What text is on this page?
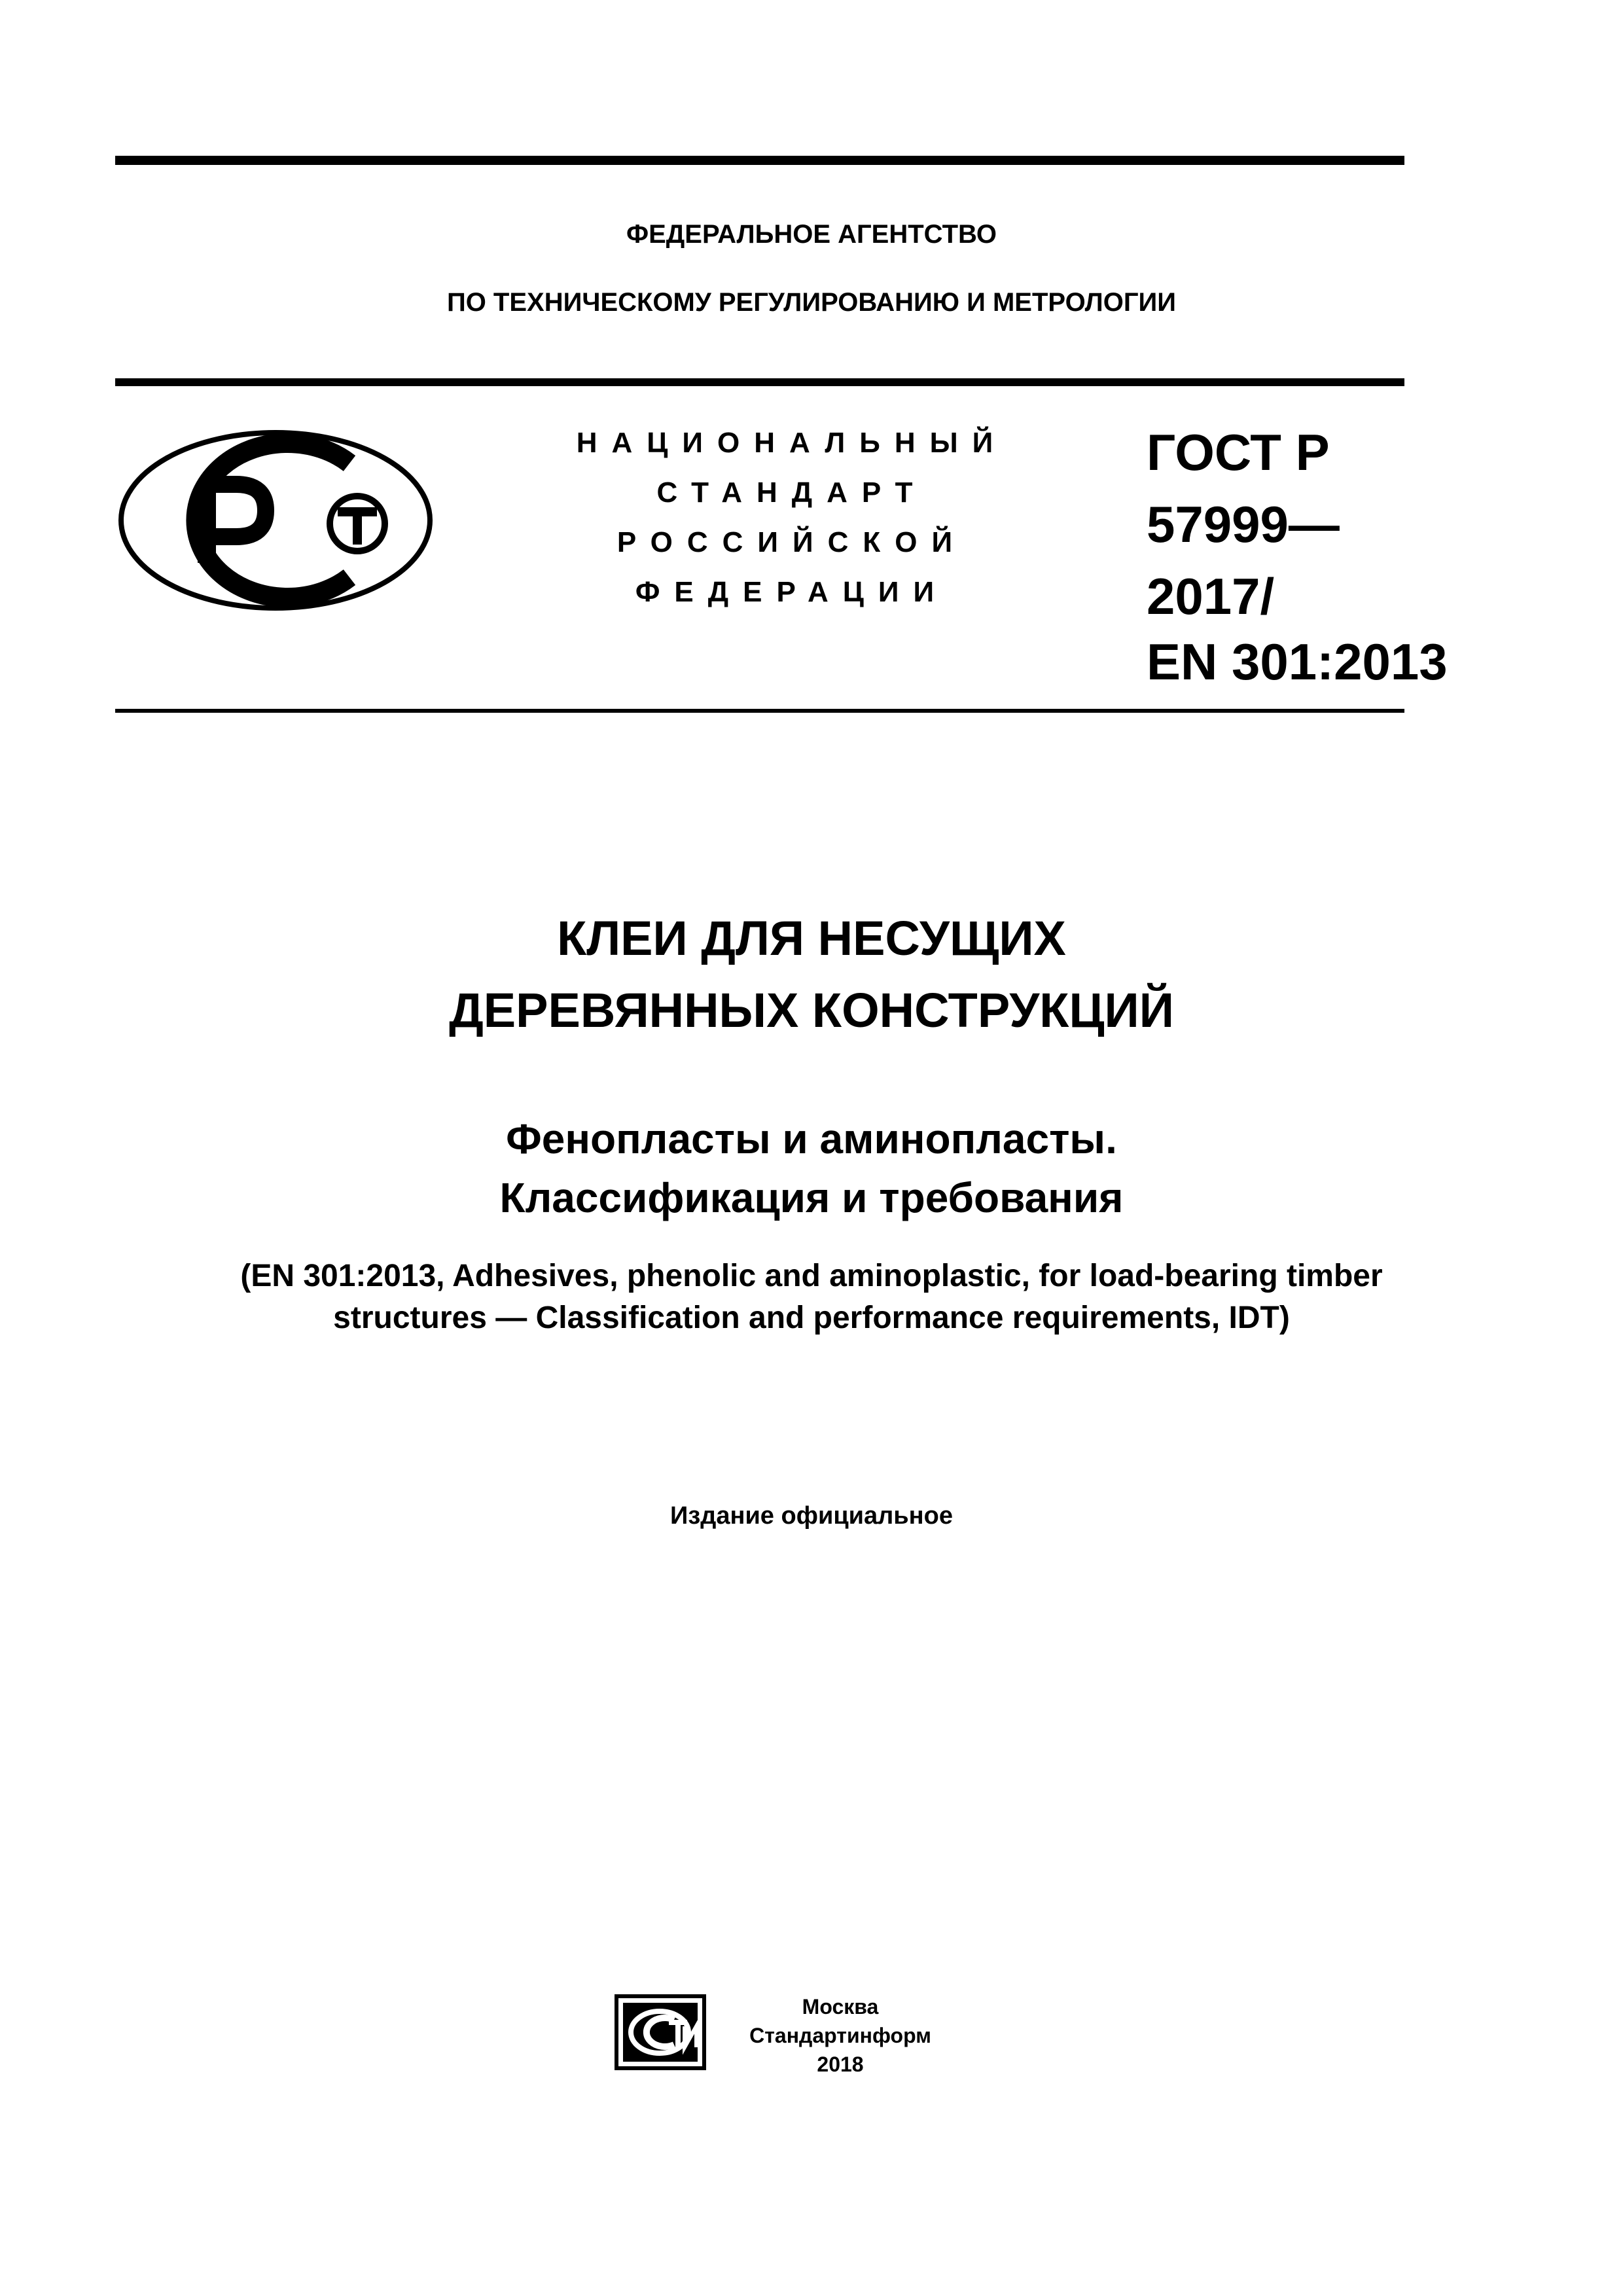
ФЕДЕРАЛЬНОЕ АГЕНТСТВО
ПО ТЕХНИЧЕСКОМУ РЕГУЛИРОВАНИЮ И МЕТРОЛОГИИ
НАЦИОНАЛЬНЫЙ
СТАНДАРТ
РОССИЙСКОЙ
ФЕДЕРАЦИИ
ГОСТ Р
57999—
2017/
EN 301:2013
КЛЕИ ДЛЯ НЕСУЩИХ
ДЕРЕВЯННЫХ КОНСТРУКЦИЙ
Фенопласты и аминопласты.
Классификация и требования
(EN 301:2013, Adhesives, phenolic and aminoplastic, for load-bearing timber
structures — Classification and performance requirements, IDT)
Издание официальное
Москва
Стандартинформ
2018
